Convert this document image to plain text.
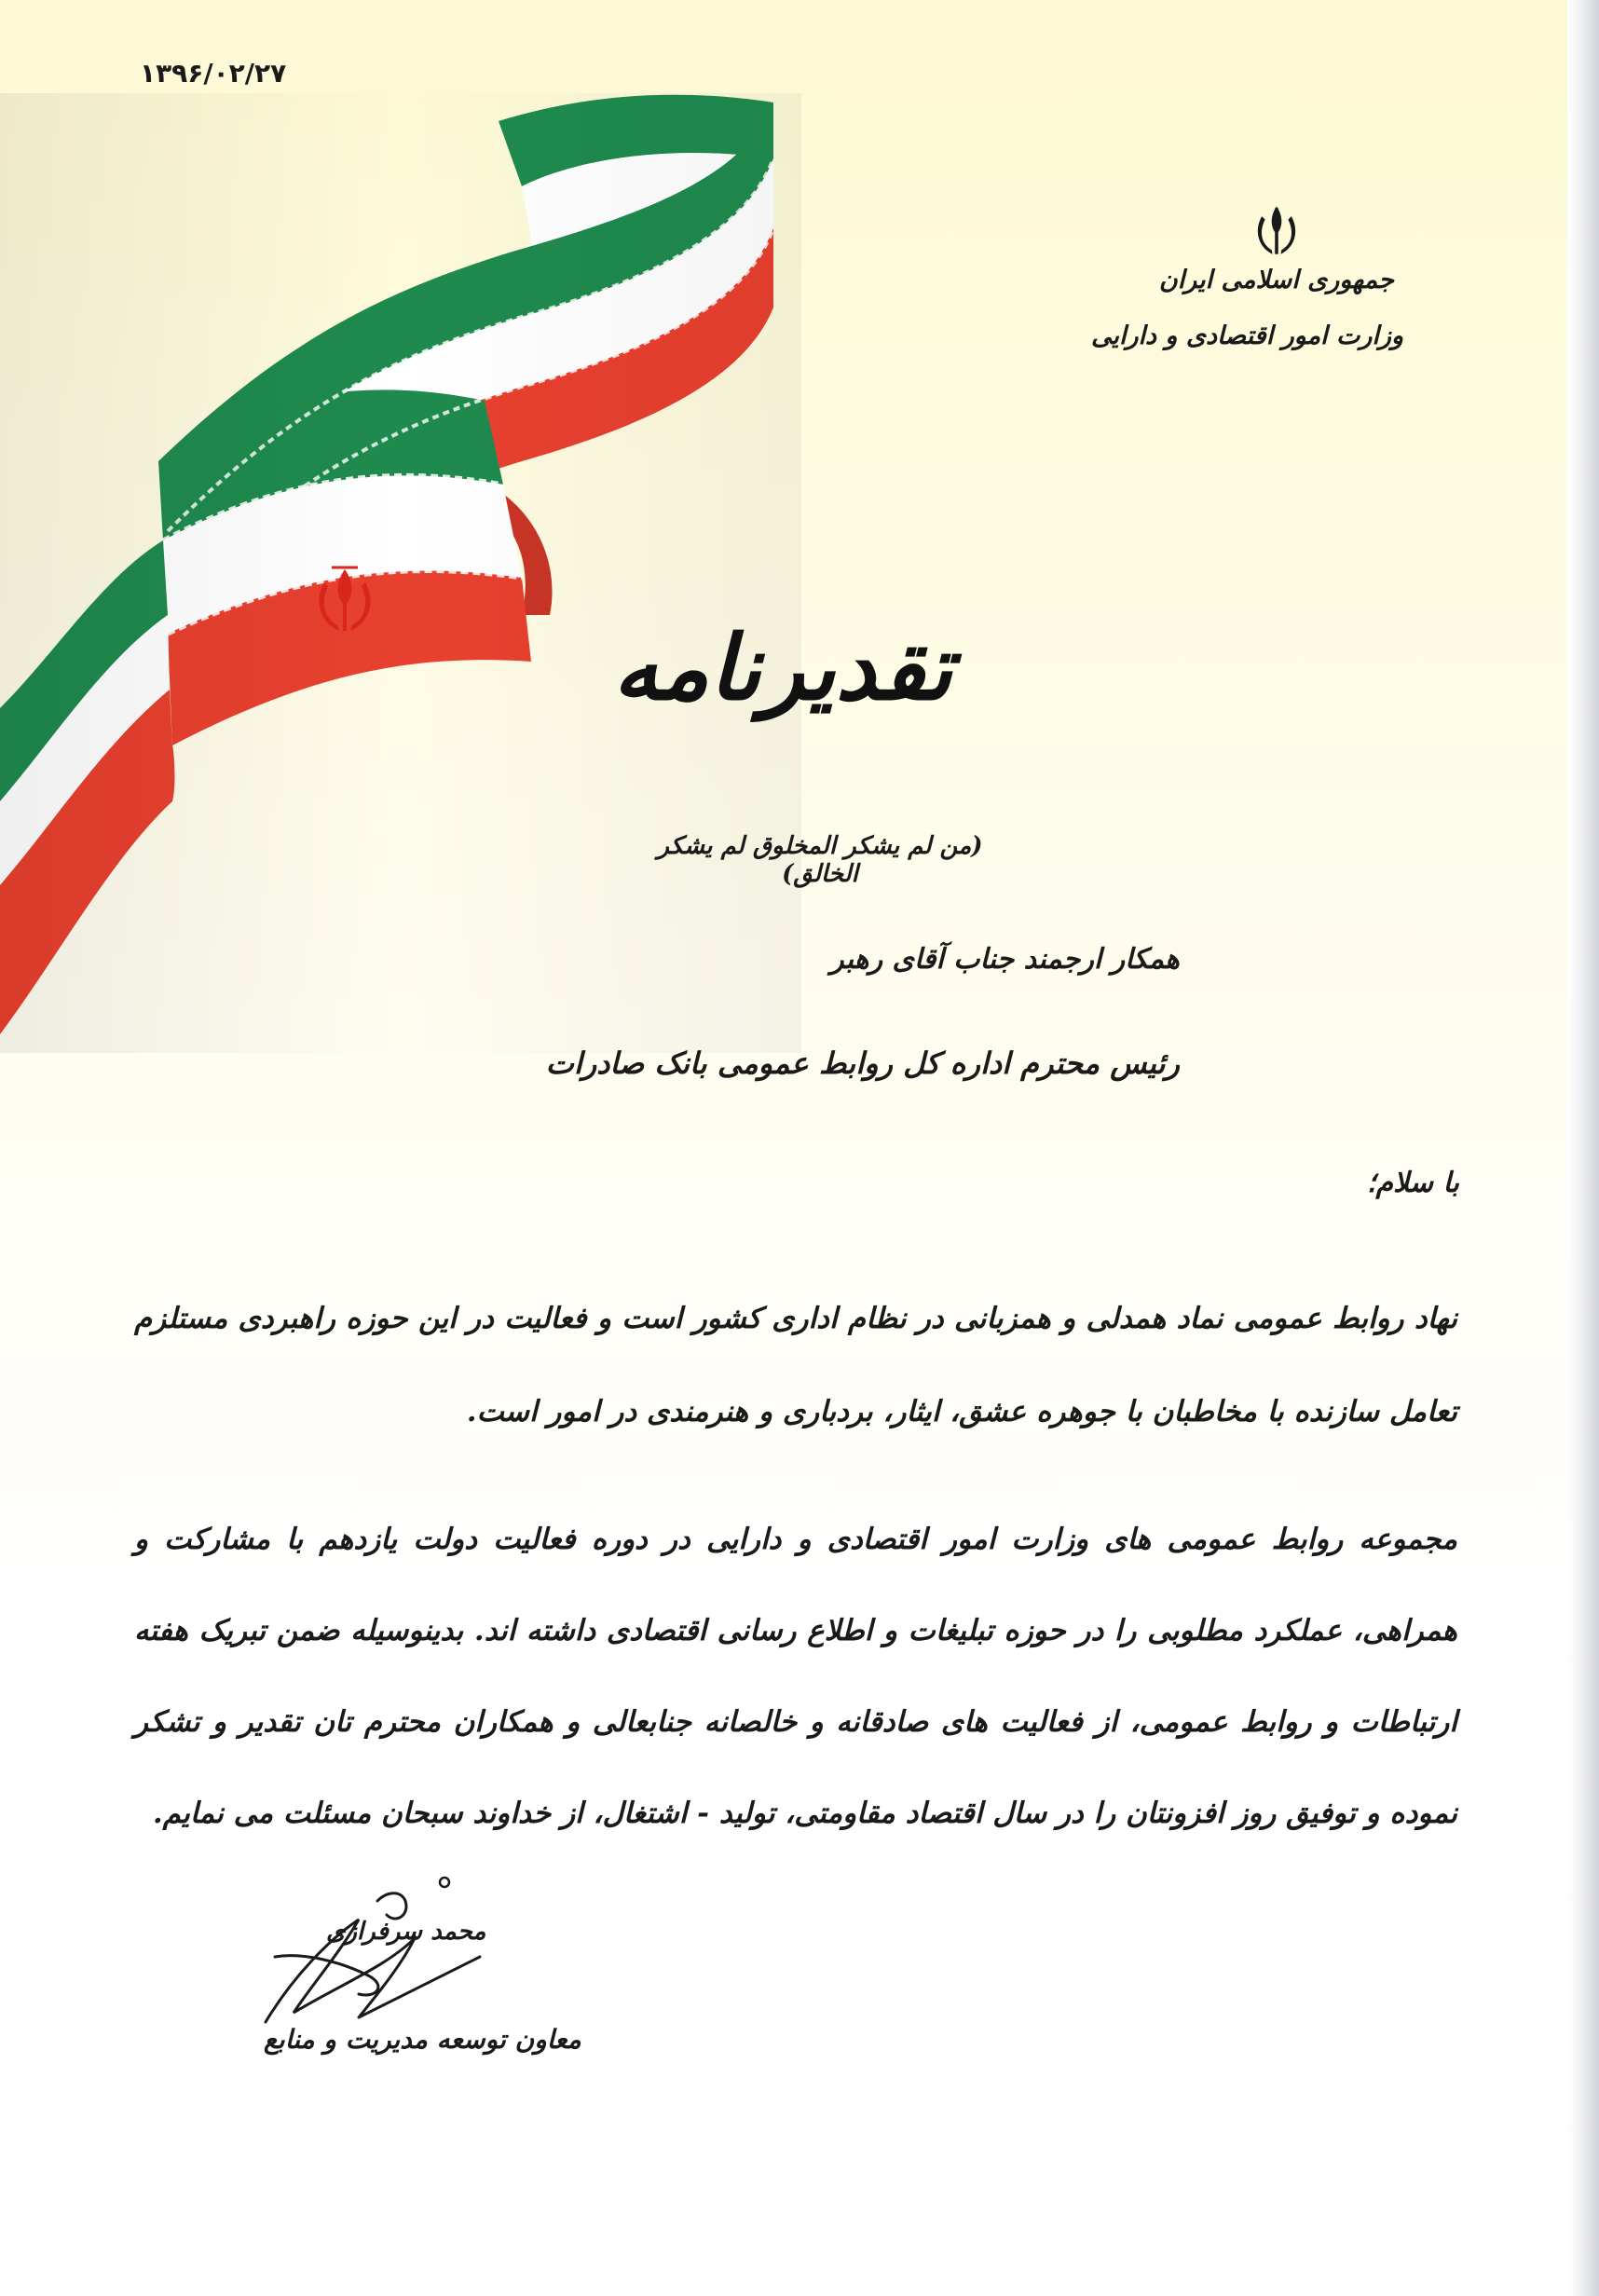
۱۳۹۶/۰۲/۲۷
جمهوری اسلامی ایران
وزارت امور اقتصادی و دارایی
تقدیرنامه
(من لم یشکر المخلوق لم یشکر الخالق)
همکار ارجمند جناب آقای رهبر
رئیس محترم اداره کل روابط عمومی بانک صادرات
با سلام؛
نهاد روابط عمومی نماد همدلی و همزبانی در نظام اداری کشور است و فعالیت در این حوزه راهبردی مستلزم تعامل سازنده با مخاطبان با جوهره عشق، ایثار، بردباری و هنرمندی در امور است.
مجموعه روابط عمومی های وزارت امور اقتصادی و دارایی در دوره فعالیت دولت یازدهم با مشارکت و همراهی، عملکرد مطلوبی را در حوزه تبلیغات و اطلاع رسانی اقتصادی داشته اند. بدینوسیله ضمن تبریک هفته ارتباطات و روابط عمومی، از فعالیت های صادقانه و خالصانه جنابعالی و همکاران محترم تان تقدیر و تشکر نموده و توفیق روز افزونتان را در سال اقتصاد مقاومتی، تولید - اشتغال، از خداوند سبحان مسئلت می نمایم.
محمد سرفرازی
معاون توسعه مدیریت و منابع
